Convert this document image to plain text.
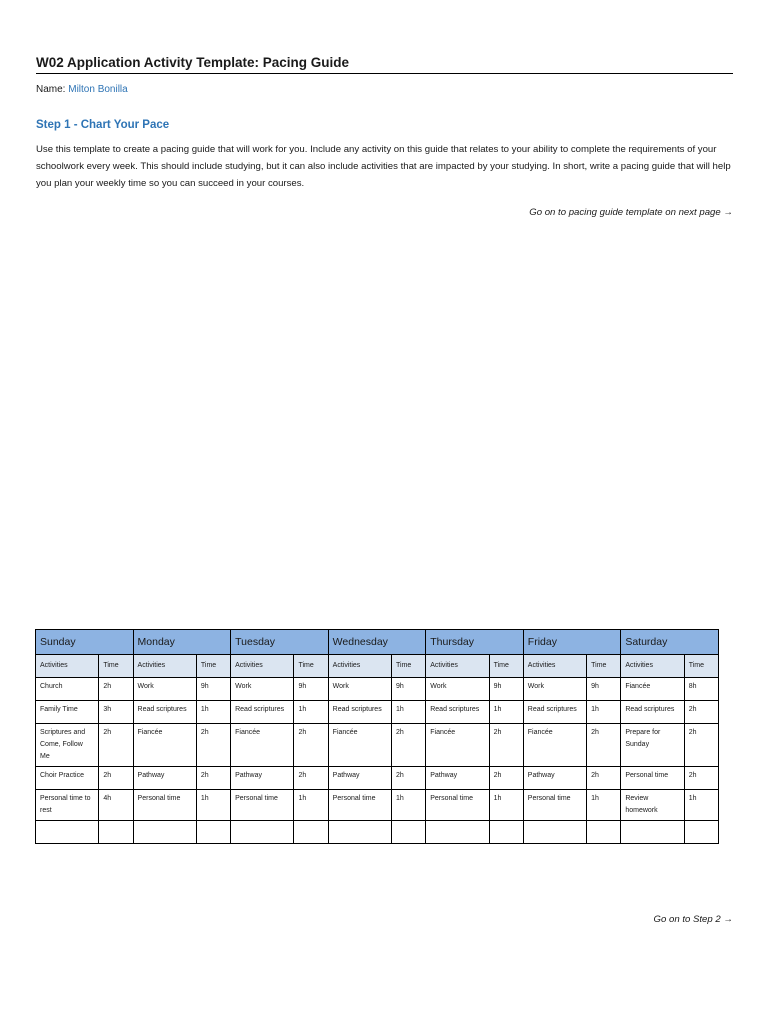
W02 Application Activity Template: Pacing Guide
Name: Milton Bonilla
Step 1 - Chart Your Pace
Use this template to create a pacing guide that will work for you. Include any activity on this guide that relates to your ability to complete the requirements of your schoolwork every week. This should include studying, but it can also include activities that are impacted by your studying. In short, write a pacing guide that will help you plan your weekly time so you can succeed in your courses.
Go on to pacing guide template on next page →
Sunday		Monday		Tuesday		Wednesday		Thursday		Friday		Saturday	
Activities	Time	Activities	Time	Activities	Time	Activities	Time	Activities	Time	Activities	Time	Activities	Time
Church	2h	Work	9h	Work	9h	Work	9h	Work	9h	Work	9h	Fiancée	8h
Family Time	3h	Read scriptures	1h	Read scriptures	1h	Read scriptures	1h	Read scriptures	1h	Read scriptures	1h	Read scriptures	2h
Scriptures and Come, Follow Me	2h	Fiancée	2h	Fiancée	2h	Fiancée	2h	Fiancée	2h	Fiancée	2h	Prepare for Sunday	2h
Choir Practice	2h	Pathway	2h	Pathway	2h	Pathway	2h	Pathway	2h	Pathway	2h	Personal time	2h
Personal time to rest	4h	Personal time	1h	Personal time	1h	Personal time	1h	Personal time	1h	Personal time	1h	Review homework	1h

Go on to Step 2 →
